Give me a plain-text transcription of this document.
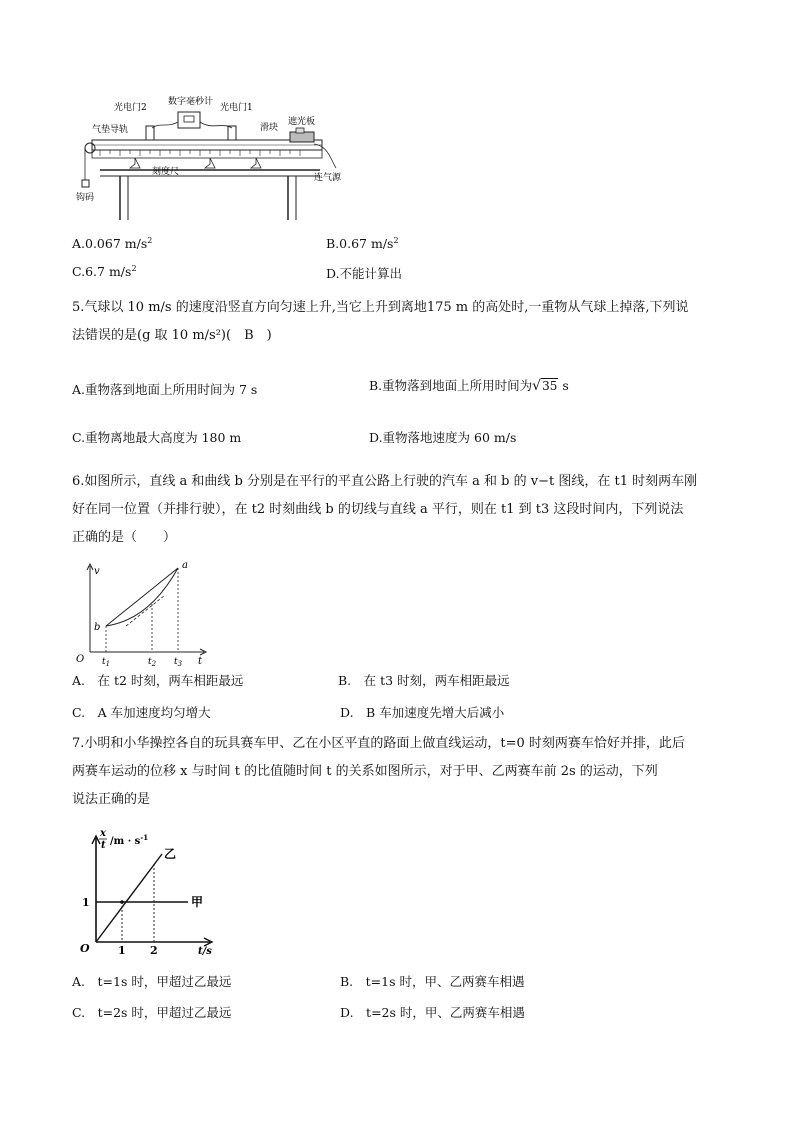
光电门2
数字毫秒计
光电门1
气垫导轨	滑块
遮光板
刻度尺
连气源
钩码
A.0.067 $m/s^2$	B.0.67 $m/s^2$
C.6.7 $m/s^2$	D.不能计算出
5.气球以 10 m/s 的速度沿竖直方向匀速上升,当它上升到离地175 m 的高处时,一重物从气球上掉落,下列说
法错误的是(g 取 10 m/s²)(　B　)
A.重物落到地面上所用时间为 7 s	B.重物落到地面上所用时间为√35 s
C.重物离地最大高度为 180 m	D.重物落地速度为 60 m/s
6.如图所示，直线 a 和曲线 b 分别是在平行的平直公路上行驶的汽车 a 和 b 的 v−t 图线，在 t1 时刻两车刚
好在同一位置（并排行驶），在 t2 时刻曲线 b 的切线与直线 a 平行，则在 t1 到 t3 这段时间内，下列说法
正确的是（　　）
v
t
O
a
b
$t_1$	$t_2$ $t_3$
A.　在 t2 时刻，两车相距最远	B.　在 t3 时刻，两车相距最远
C.　A 车加速度均匀增大	D.　B 车加速度先增大后减小
7.小明和小华操控各自的玩具赛车甲、乙在小区平直的路面上做直线运动，t=0 时刻两赛车恰好并排，此后
两赛车运动的位移 x 与时间 t 的比值随时间 t 的关系如图所示，对于甲、乙两赛车前 2s 的运动，下列
说法正确的是
x
t $/m \cdot s^{-1}$
乙
甲
1
O	1 2	t/s
A.　t=1s 时，甲超过乙最远	B.　t=1s 时，甲、乙两赛车相遇
C.　t=2s 时，甲超过乙最远	D.　t=2s 时，甲、乙两赛车相遇
